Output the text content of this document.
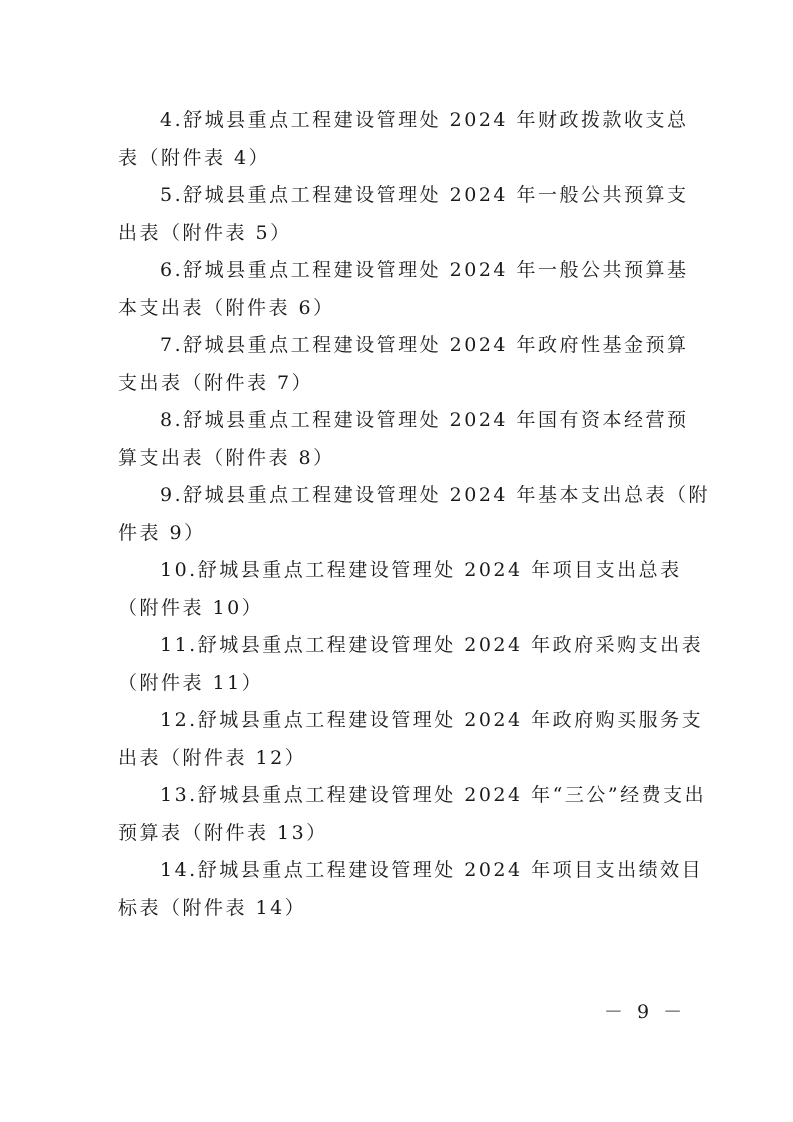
4.舒城县重点工程建设管理处 2024 年财政拨款收支总
表（附件表 4）
5.舒城县重点工程建设管理处 2024 年一般公共预算支
出表（附件表 5）
6.舒城县重点工程建设管理处 2024 年一般公共预算基
本支出表（附件表 6）
7.舒城县重点工程建设管理处 2024 年政府性基金预算
支出表（附件表 7）
8.舒城县重点工程建设管理处 2024 年国有资本经营预
算支出表（附件表 8）
9.舒城县重点工程建设管理处 2024 年基本支出总表（附
件表 9）
10.舒城县重点工程建设管理处 2024 年项目支出总表
（附件表 10）
11.舒城县重点工程建设管理处 2024 年政府采购支出表
（附件表 11）
12.舒城县重点工程建设管理处 2024 年政府购买服务支
出表（附件表 12）
13.舒城县重点工程建设管理处 2024 年“三公”经费支出
预算表（附件表 13）
14.舒城县重点工程建设管理处 2024 年项目支出绩效目
标表（附件表 14）
－ 9 －
